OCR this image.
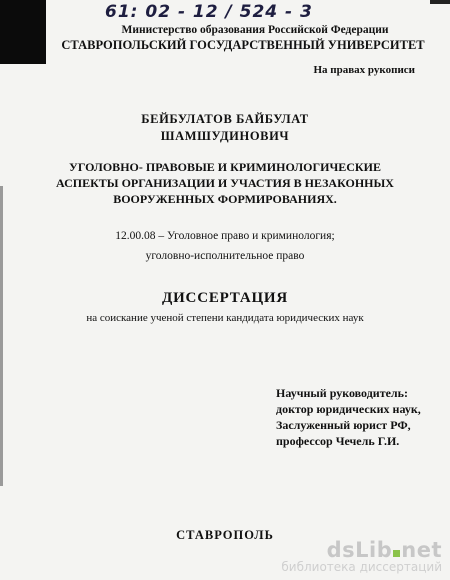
61: 02 - 12 / 524 - 3
Министерство образования Российской Федерации
СТАВРОПОЛЬСКИЙ ГОСУДАРСТВЕННЫЙ УНИВЕРСИТЕТ
На правах рукописи
БЕЙБУЛАТОВ БАЙБУЛАТ
ШАМШУДИНОВИЧ
УГОЛОВНО- ПРАВОВЫЕ И КРИМИНОЛОГИЧЕСКИЕ
АСПЕКТЫ ОРГАНИЗАЦИИ И УЧАСТИЯ В НЕЗАКОННЫХ
ВООРУЖЕННЫХ ФОРМИРОВАНИЯХ.
12.00.08 – Уголовное право и криминология;
уголовно-исполнительное право
ДИССЕРТАЦИЯ
на соискание ученой степени кандидата юридических наук
Научный руководитель:
доктор юридических наук,
Заслуженный юрист РФ,
профессор Чечель Г.И.
СТАВРОПОЛЬ
dsLib net
библиотека диссертаций
